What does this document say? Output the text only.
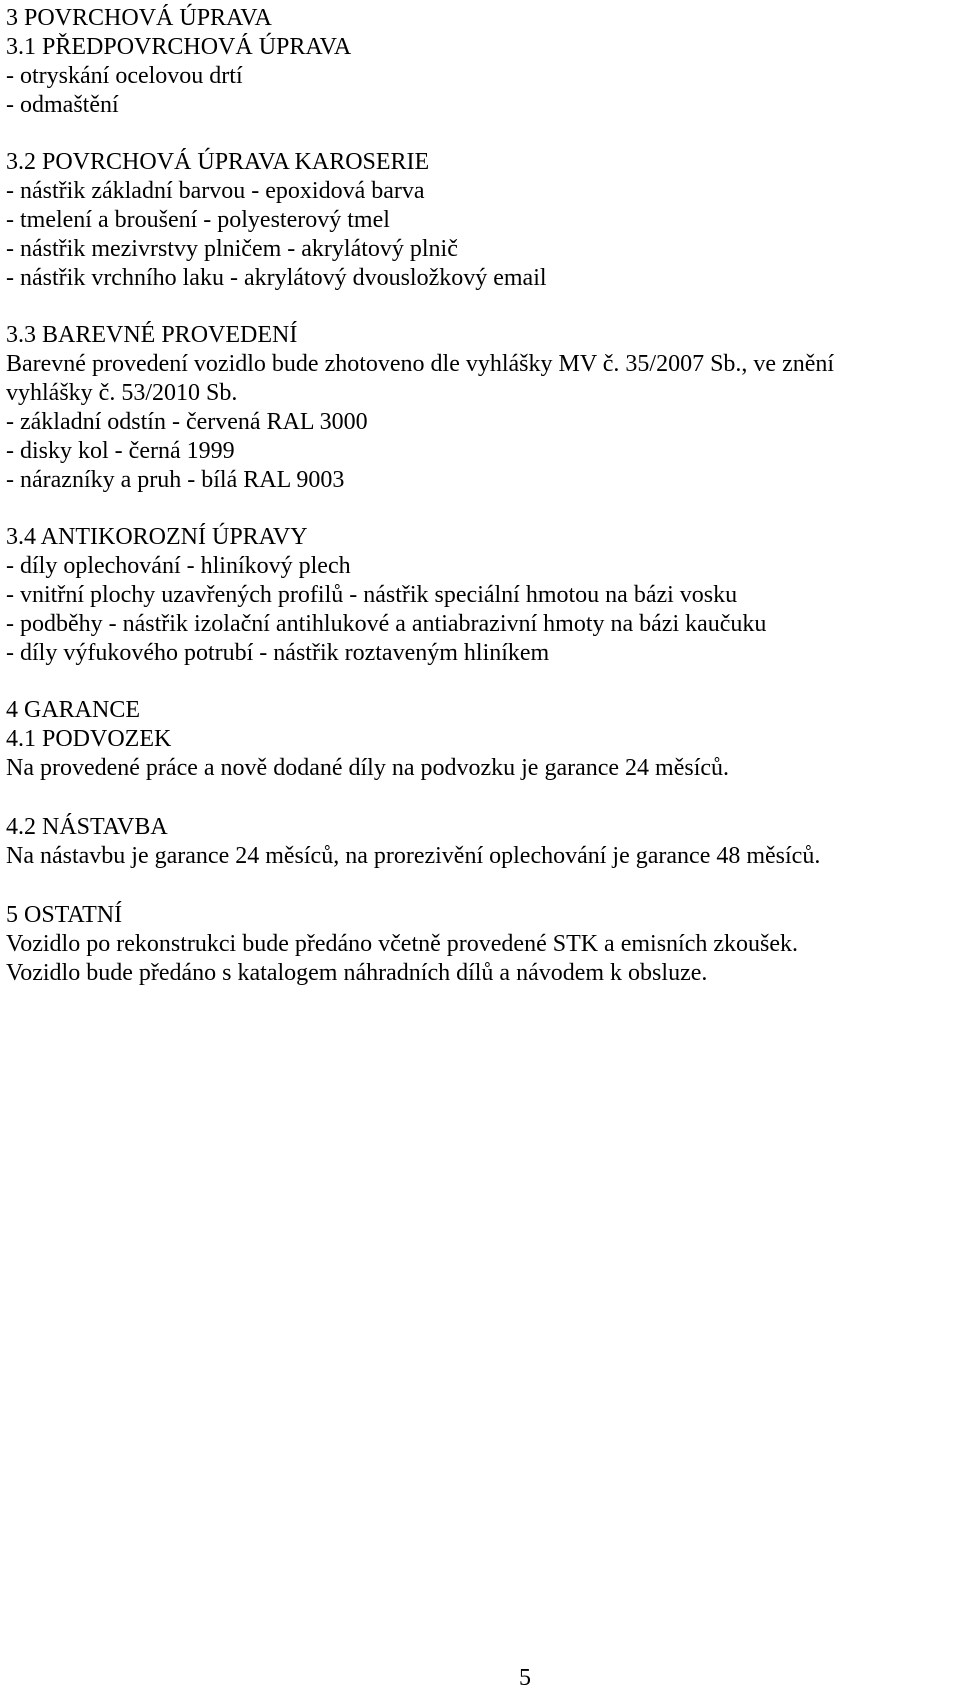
3 POVRCHOVÁ ÚPRAVA
3.1 PŘEDPOVRCHOVÁ ÚPRAVA
- otryskání ocelovou drtí
- odmaštění
3.2 POVRCHOVÁ ÚPRAVA KAROSERIE
- nástřik základní barvou - epoxidová barva
- tmelení a broušení - polyesterový tmel
- nástřik mezivrstvy plničem - akrylátový plnič
- nástřik vrchního laku - akrylátový dvousložkový email
3.3 BAREVNÉ PROVEDENÍ
Barevné provedení vozidlo bude zhotoveno dle vyhlášky MV č. 35/2007 Sb., ve znění
vyhlášky č. 53/2010 Sb.
- základní odstín - červená RAL 3000
- disky kol - černá 1999
- nárazníky a pruh - bílá RAL 9003
3.4 ANTIKOROZNÍ ÚPRAVY
- díly oplechování - hliníkový plech
- vnitřní plochy uzavřených profilů - nástřik speciální hmotou na bázi vosku
- podběhy - nástřik izolační antihlukové a antiabrazivní hmoty na bázi kaučuku
- díly výfukového potrubí - nástřik roztaveným hliníkem
4 GARANCE
4.1 PODVOZEK
Na provedené práce a nově dodané díly na podvozku je garance 24 měsíců.
4.2 NÁSTAVBA
Na nástavbu je garance 24 měsíců, na prorezivění oplechování je garance 48 měsíců.
5 OSTATNÍ
Vozidlo po rekonstrukci bude předáno včetně provedené STK a emisních zkoušek.
Vozidlo bude předáno s katalogem náhradních dílů a návodem k obsluze.
5
